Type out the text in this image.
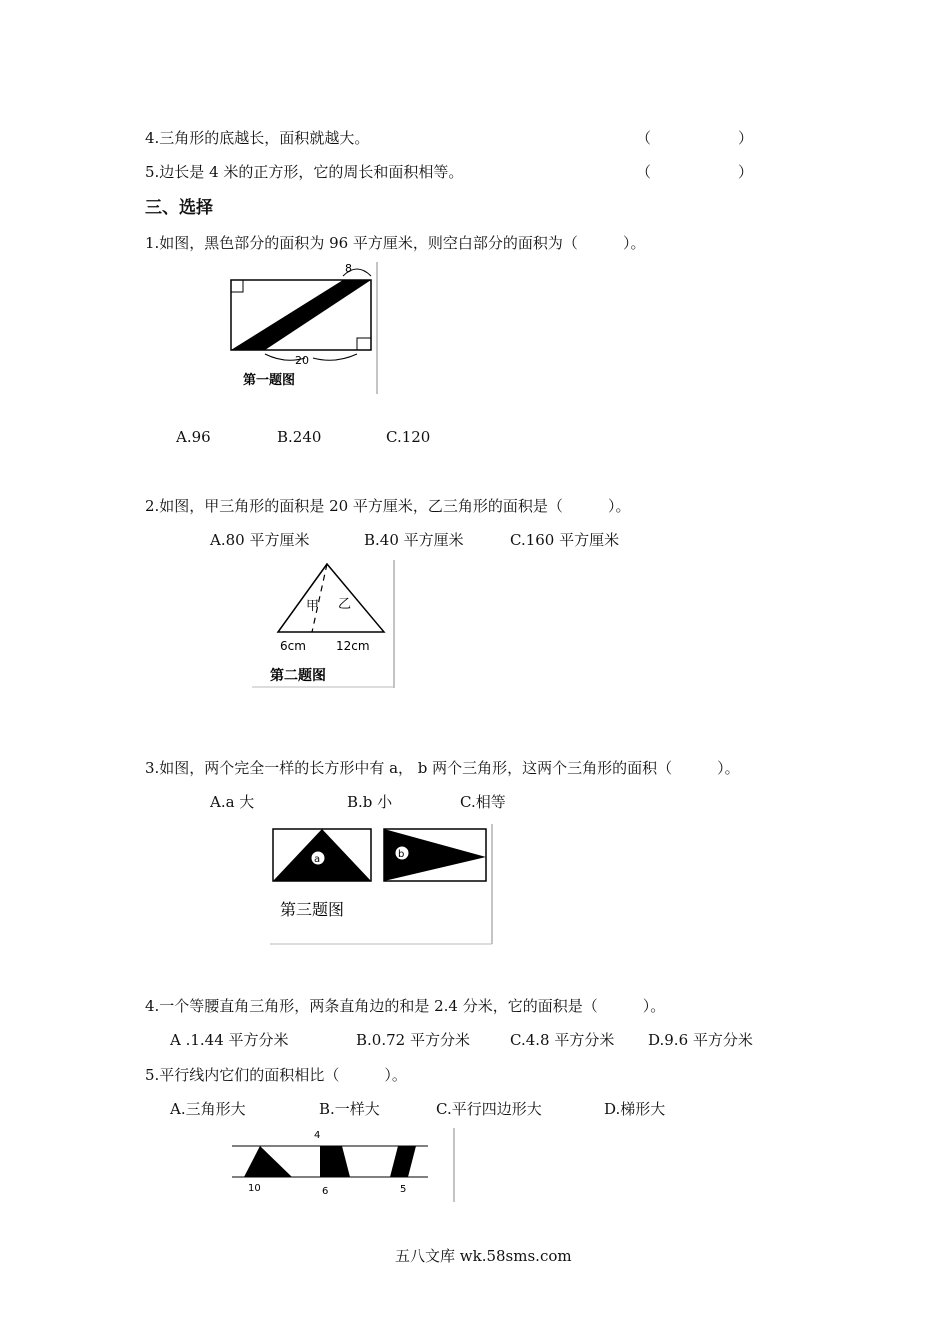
4.三角形的底越长，面积就越大。	（	）
5.边长是 4 米的正方形，它的周长和面积相等。	（	）
三、选择
1.如图，黑色部分的面积为 96 平方厘米，则空白部分的面积为（　　　）。
8
20
第一题图
A.96	B.240	C.120
2.如图，甲三角形的面积是 20 平方厘米，乙三角形的面积是（　　　）。
A.80 平方厘米	B.40 平方厘米	C.160 平方厘米
甲 乙
6cm	12cm
第二题图
3.如图，两个完全一样的长方形中有 a， b 两个三角形，这两个三角形的面积（　　　）。
A.a 大	B.b 小	C.相等
a	b
第三题图
4.一个等腰直角三角形，两条直角边的和是 2.4 分米，它的面积是（　　　）。
A .1.44 平方分米	B.0.72 平方分米	C.4.8 平方分米 D.9.6 平方分米
5.平行线内它们的面积相比（　　　）。
A.三角形大	B.一样大	C.平行四边形大	D.梯形大
4
10	6	5
五八文库 wk.58sms.com
